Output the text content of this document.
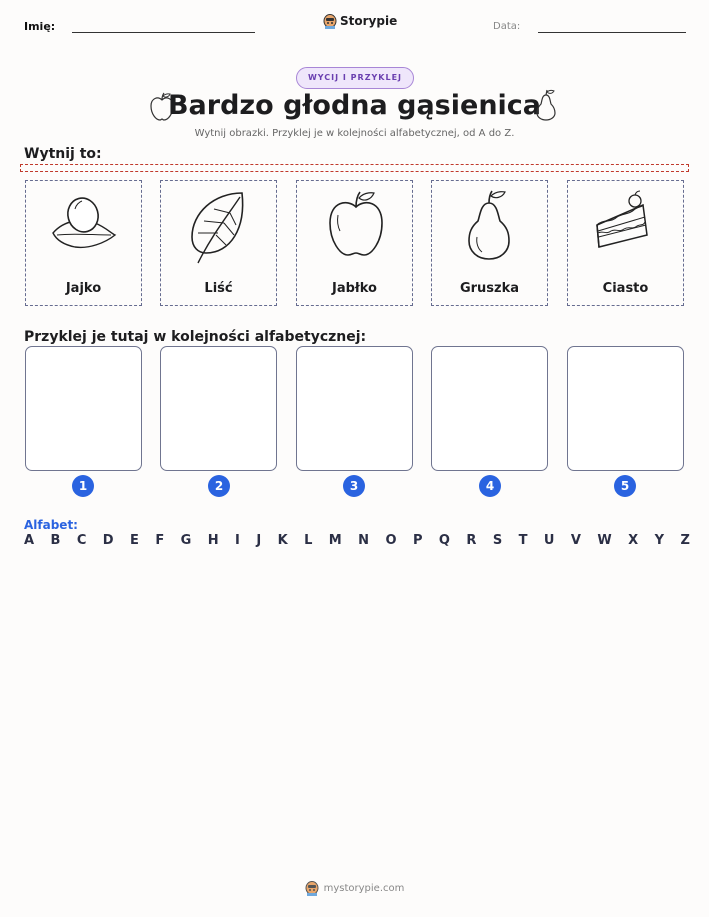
Imię:	Storypie	Data:
WYCIJ I PRZYKLEJ
Bardzo głodna gąsienica
Wytnij obrazki. Przyklej je w kolejności alfabetycznej, od A do Z.
Wytnij to:
Jajko	Liść	Jabłko	Gruszka	Ciasto
Przyklej je tutaj w kolejności alfabetycznej:
1	2	3	4	5
Alfabet:
A B C D E F G H I J K L M N O P Q R S T U V W X Y Z
mystorypie.com
